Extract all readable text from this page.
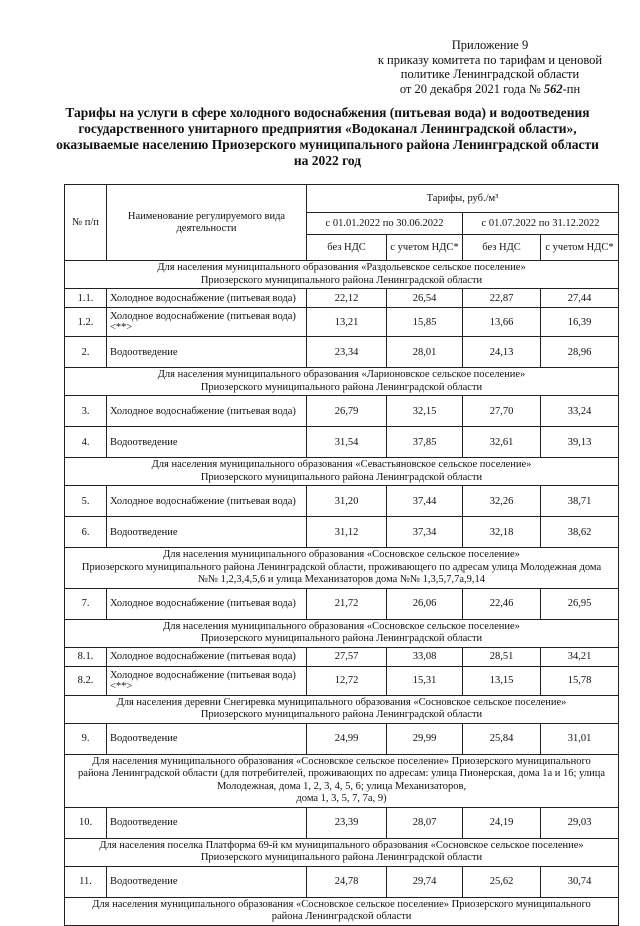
Приложение 9
к приказу комитета по тарифам и ценовой
политике Ленинградской области
от 20 декабря 2021 года № 562-пн
Тарифы на услуги в сфере холодного водоснабжения (питьевая вода) и водоотведения
государственного унитарного предприятия «Водоканал Ленинградской области»,
оказываемые населению Приозерского муниципального района Ленинградской области
на 2022 год
№ п/п	Наименование регулируемого вида деятельности	Тарифы, руб./м³			
		с 01.01.2022 по 30.06.2022		с 01.07.2022 по 31.12.2022	
		без НДС	с учетом НДС*	без НДС	с учетом НДС*

Для населения муниципального образования «Раздольевское сельское поселение»
Приозерского муниципального района Ленинградской области					

1.1.	Холодное водоснабжение (питьевая вода)	22,12	26,54	22,87	27,44
1.2.	Холодное водоснабжение (питьевая вода) <**>	13,21	15,85	13,66	16,39
2.	Водоотведение	23,34	28,01	24,13	28,96

Для населения муниципального образования «Ларионовское сельское поселение»
Приозерского муниципального района Ленинградской области					

3.	Холодное водоснабжение (питьевая вода)	26,79	32,15	27,70	33,24
4.	Водоотведение	31,54	37,85	32,61	39,13

Для населения муниципального образования «Севастьяновское сельское поселение»
Приозерского муниципального района Ленинградской области					

5.	Холодное водоснабжение (питьевая вода)	31,20	37,44	32,26	38,71
6.	Водоотведение	31,12	37,34	32,18	38,62

Для населения муниципального образования «Сосновское сельское поселение»
Приозерского муниципального района Ленинградской области, проживающего по адресам улица Молодежная дома
№№ 1,2,3,4,5,6 и улица Механизаторов дома №№ 1,3,5,7,7а,9,14					

7.	Холодное водоснабжение (питьевая вода)	21,72	26,06	22,46	26,95

Для населения муниципального образования «Сосновское сельское поселение»
Приозерского муниципального района Ленинградской области					

8.1.	Холодное водоснабжение (питьевая вода)	27,57	33,08	28,51	34,21
8.2.	Холодное водоснабжение (питьевая вода) <**>	12,72	15,31	13,15	15,78

Для населения деревни Снегиревка муниципального образования «Сосновское сельское поселение»
Приозерского муниципального района Ленинградской области					

9.	Водоотведение	24,99	29,99	25,84	31,01

Для населения муниципального образования «Сосновское сельское поселение» Приозерского муниципального
района Ленинградской области (для потребителей, проживающих по адресам: улица Пионерская, дома 1а и 16; улица
Молодежная, дома 1, 2, 3, 4, 5, 6; улица Механизаторов,
дома 1, 3, 5, 7, 7а, 9)					

10.	Водоотведение	23,39	28,07	24,19	29,03

Для населения поселка Платформа 69-й км муниципального образования «Сосновское сельское поселение»
Приозерского муниципального района Ленинградской области					

11.	Водоотведение	24,78	29,74	25,62	30,74

Для населения муниципального образования «Сосновское сельское поселение» Приозерского муниципального
района Ленинградской области					
